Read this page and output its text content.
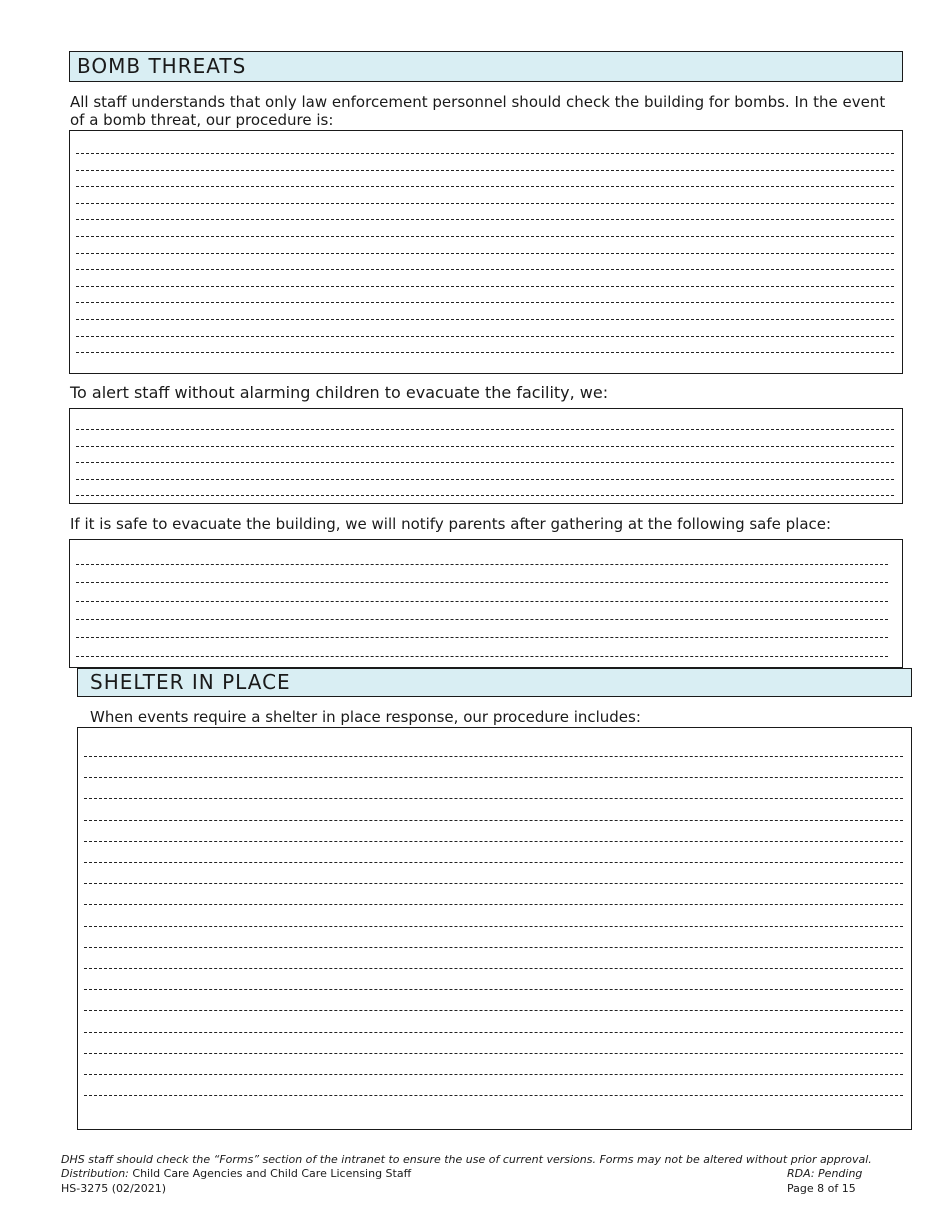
BOMB THREATS

All staff understands that only law enforcement personnel should check the building for bombs. In the event of a bomb threat, our procedure is:

To alert staff without alarming children to evacuate the facility, we:

If it is safe to evacuate the building, we will notify parents after gathering at the following safe place:

SHELTER IN PLACE

When events require a shelter in place response, our procedure includes:

DHS staff should check the “Forms” section of the intranet to ensure the use of current versions. Forms may not be altered without prior approval.

Distribution: Child Care Agencies and Child Care Licensing Staff

HS-3275 (02/2021)

RDA: Pending

Page 8 of 15
